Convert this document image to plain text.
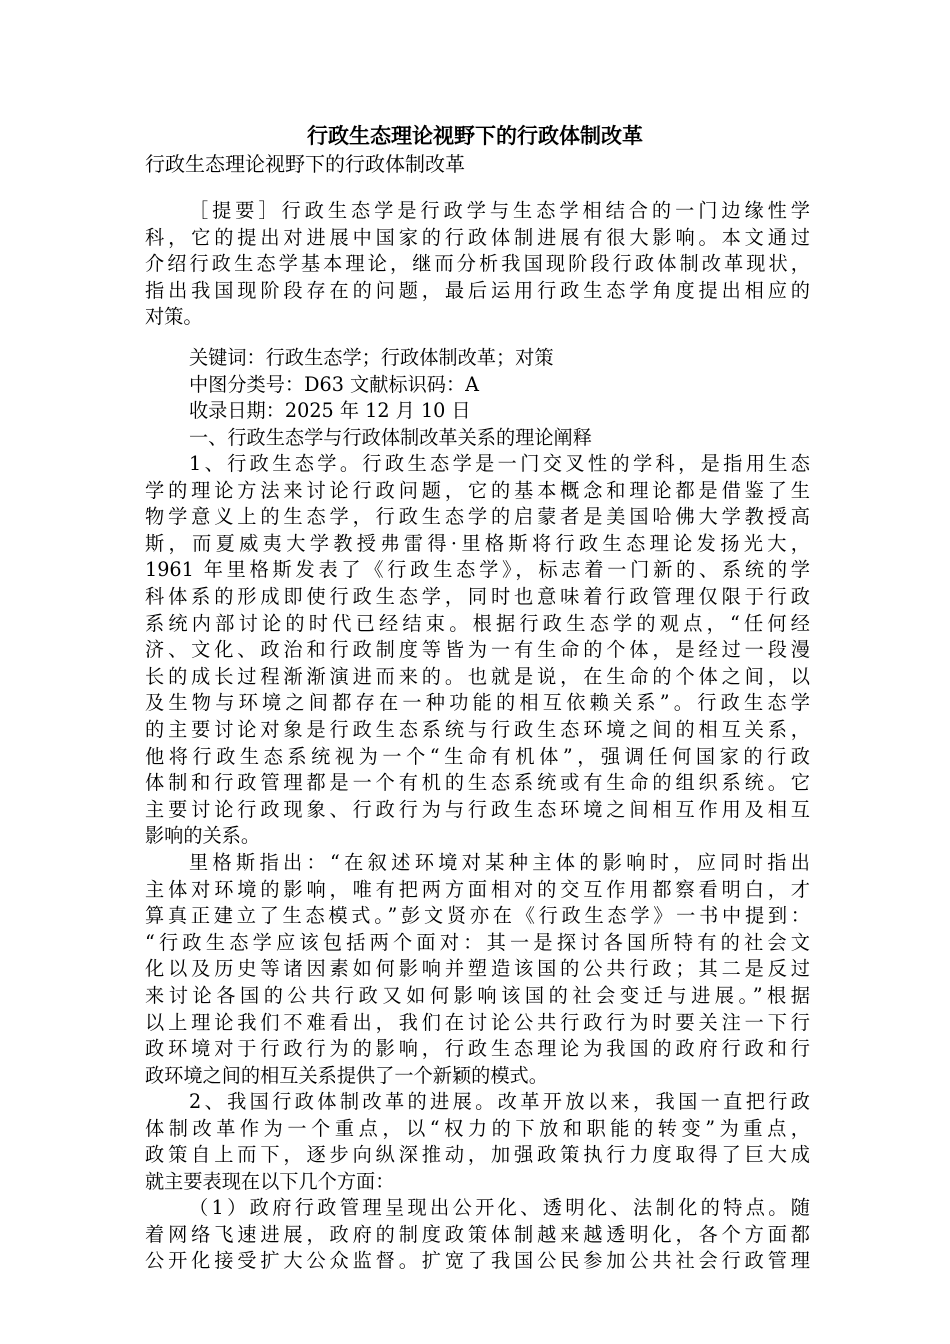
行政生态理论视野下的行政体制改革
行政生态理论视野下的行政体制改革
［提要］行政生态学是行政学与生态学相结合的一门边缘性学
科，它的提出对进展中国家的行政体制进展有很大影响。本文通过
介绍行政生态学基本理论，继而分析我国现阶段行政体制改革现状，
指出我国现阶段存在的问题，最后运用行政生态学角度提出相应的
对策。
关键词：行政生态学；行政体制改革；对策
中图分类号：D63 文献标识码：A
收录日期：2025 年 12 月 10 日
一、行政生态学与行政体制改革关系的理论阐释
1、行政生态学。行政生态学是一门交叉性的学科，是指用生态
学的理论方法来讨论行政问题，它的基本概念和理论都是借鉴了生
物学意义上的生态学，行政生态学的启蒙者是美国哈佛大学教授高
斯，而夏威夷大学教授弗雷得·里格斯将行政生态理论发扬光大，
1961 年里格斯发表了《行政生态学》，标志着一门新的、系统的学
科体系的形成即使行政生态学，同时也意味着行政管理仅限于行政
系统内部讨论的时代已经结束。根据行政生态学的观点，“任何经
济、文化、政治和行政制度等皆为一有生命的个体，是经过一段漫
长的成长过程渐渐演进而来的。也就是说，在生命的个体之间，以
及生物与环境之间都存在一种功能的相互依赖关系”。行政生态学
的主要讨论对象是行政生态系统与行政生态环境之间的相互关系，
他将行政生态系统视为一个“生命有机体”，强调任何国家的行政
体制和行政管理都是一个有机的生态系统或有生命的组织系统。它
主要讨论行政现象、行政行为与行政生态环境之间相互作用及相互
影响的关系。
里格斯指出：“在叙述环境对某种主体的影响时，应同时指出
主体对环境的影响，唯有把两方面相对的交互作用都察看明白，才
算真正建立了生态模式。”彭文贤亦在《行政生态学》一书中提到：
“行政生态学应该包括两个面对：其一是探讨各国所特有的社会文
化以及历史等诸因素如何影响并塑造该国的公共行政；其二是反过
来讨论各国的公共行政又如何影响该国的社会变迁与进展。”根据
以上理论我们不难看出，我们在讨论公共行政行为时要关注一下行
政环境对于行政行为的影响，行政生态理论为我国的政府行政和行
政环境之间的相互关系提供了一个新颖的模式。
2、我国行政体制改革的进展。改革开放以来，我国一直把行政
体制改革作为一个重点，以“权力的下放和职能的转变”为重点，
政策自上而下，逐步向纵深推动，加强政策执行力度取得了巨大成
就主要表现在以下几个方面：
（1）政府行政管理呈现出公开化、透明化、法制化的特点。随
着网络飞速进展，政府的制度政策体制越来越透明化，各个方面都
公开化接受扩大公众监督。扩宽了我国公民参加公共社会行政管理
